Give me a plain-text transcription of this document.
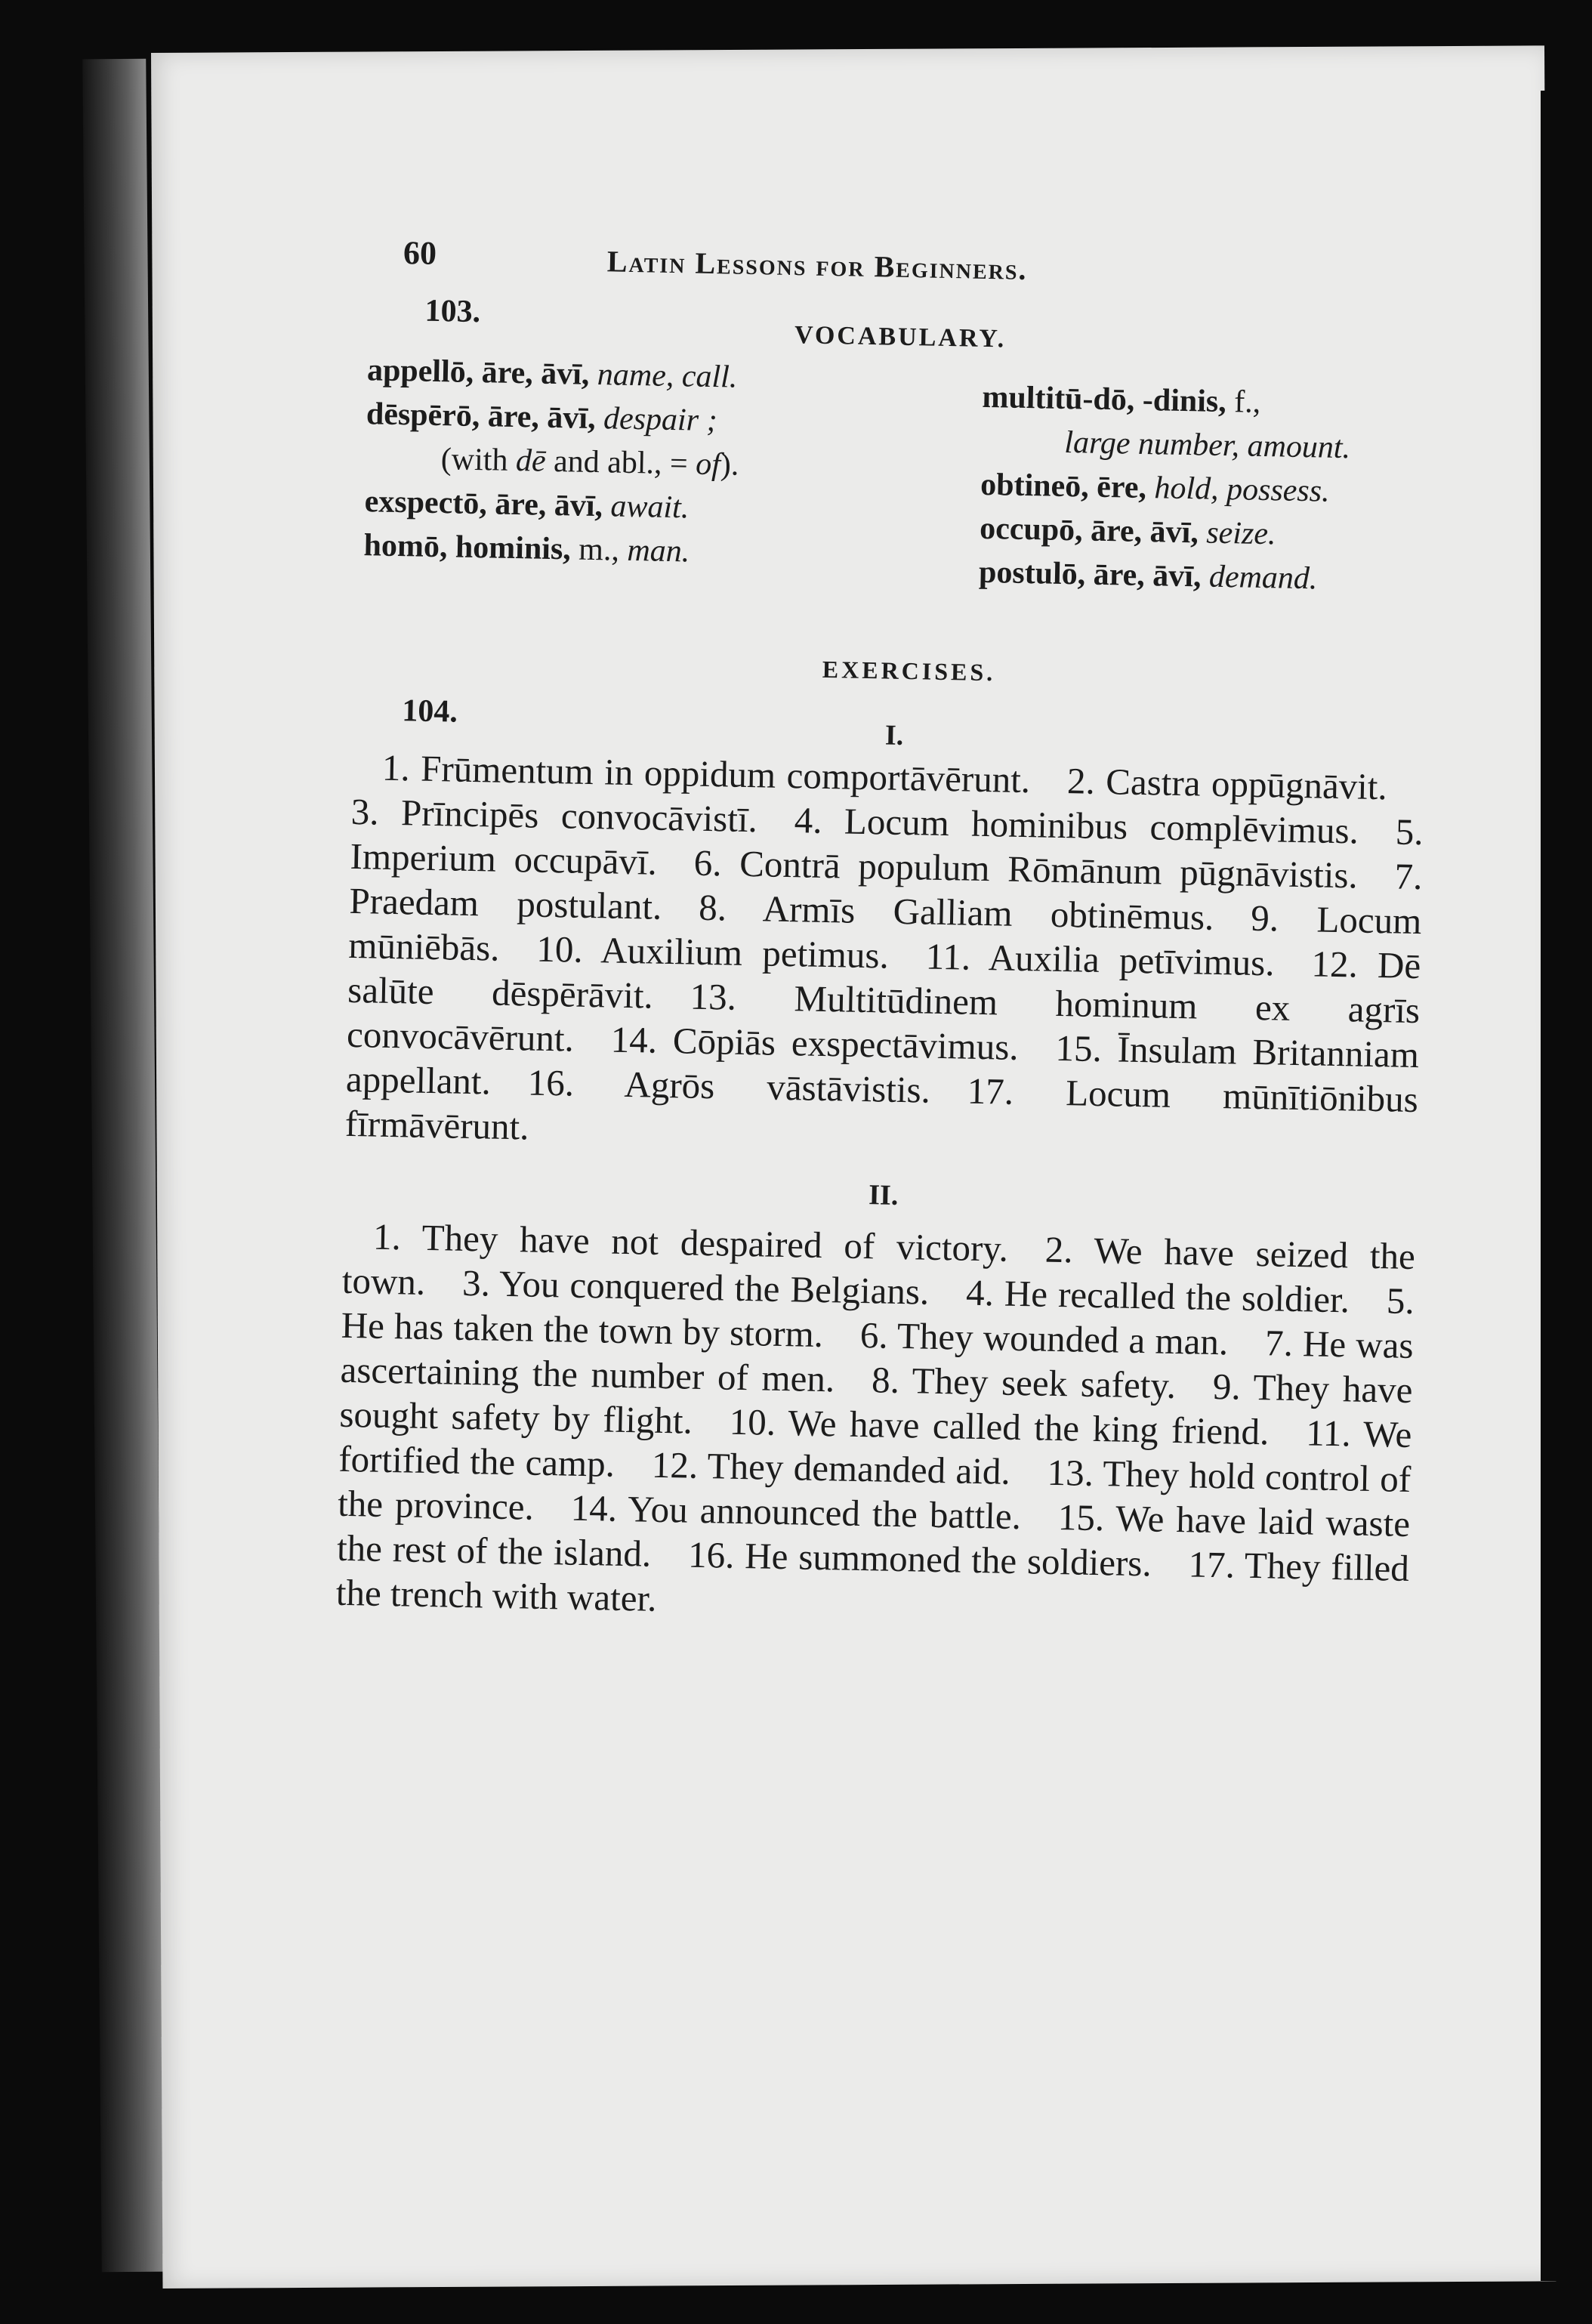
60	Latin Lessons for Beginners.
103.
VOCABULARY.
appellō, āre, āvī, name, call.
dēspērō, āre, āvī, despair ;
(with dē and abl., = of).
exspectō, āre, āvī, await.
homō, hominis, m., man.
multitū-dō, -dinis, f.,
large number, amount.
obtineō, ēre, hold, possess.
occupō, āre, āvī, seize.
postulō, āre, āvī, demand.
EXERCISES.
104.
I.

1. Frūmentum in oppidum comportāvērunt.  2. Castra oppūgnāvit. 3. Prīncipēs convocāvistī.  4. Locum hominibus complēvimus.  5. Imperium occupāvī.  6. Contrā populum Rōmānum pūgnāvistis.  7. Praedam postulant.  8. Armīs Galliam obtinēmus.  9. Locum mūniēbās.  10. Auxilium petimus.  11. Auxilia petīvimus.  12. Dē salūte dēspērāvit.  13. Multitūdinem hominum ex agrīs convocāvērunt.  14. Cōpiās exspectāvimus.  15. Īnsulam Britanniam appellant.  16. Agrōs vāstāvistis.  17. Locum mūnītiōnibus fīrmāvērunt.

II.

1. They have not despaired of victory.  2. We have seized the town.  3. You conquered the Belgians.  4. He recalled the soldier.  5. He has taken the town by storm.  6. They wounded a man.  7. He was ascertaining the number of men.  8. They seek safety.  9. They have sought safety by flight.  10. We have called the king friend.  11. We fortified the camp.  12. They demanded aid.  13. They hold control of the province.  14. You announced the battle.  15. We have laid waste the rest of the island.  16. He summoned the soldiers.  17. They filled the trench with water.
